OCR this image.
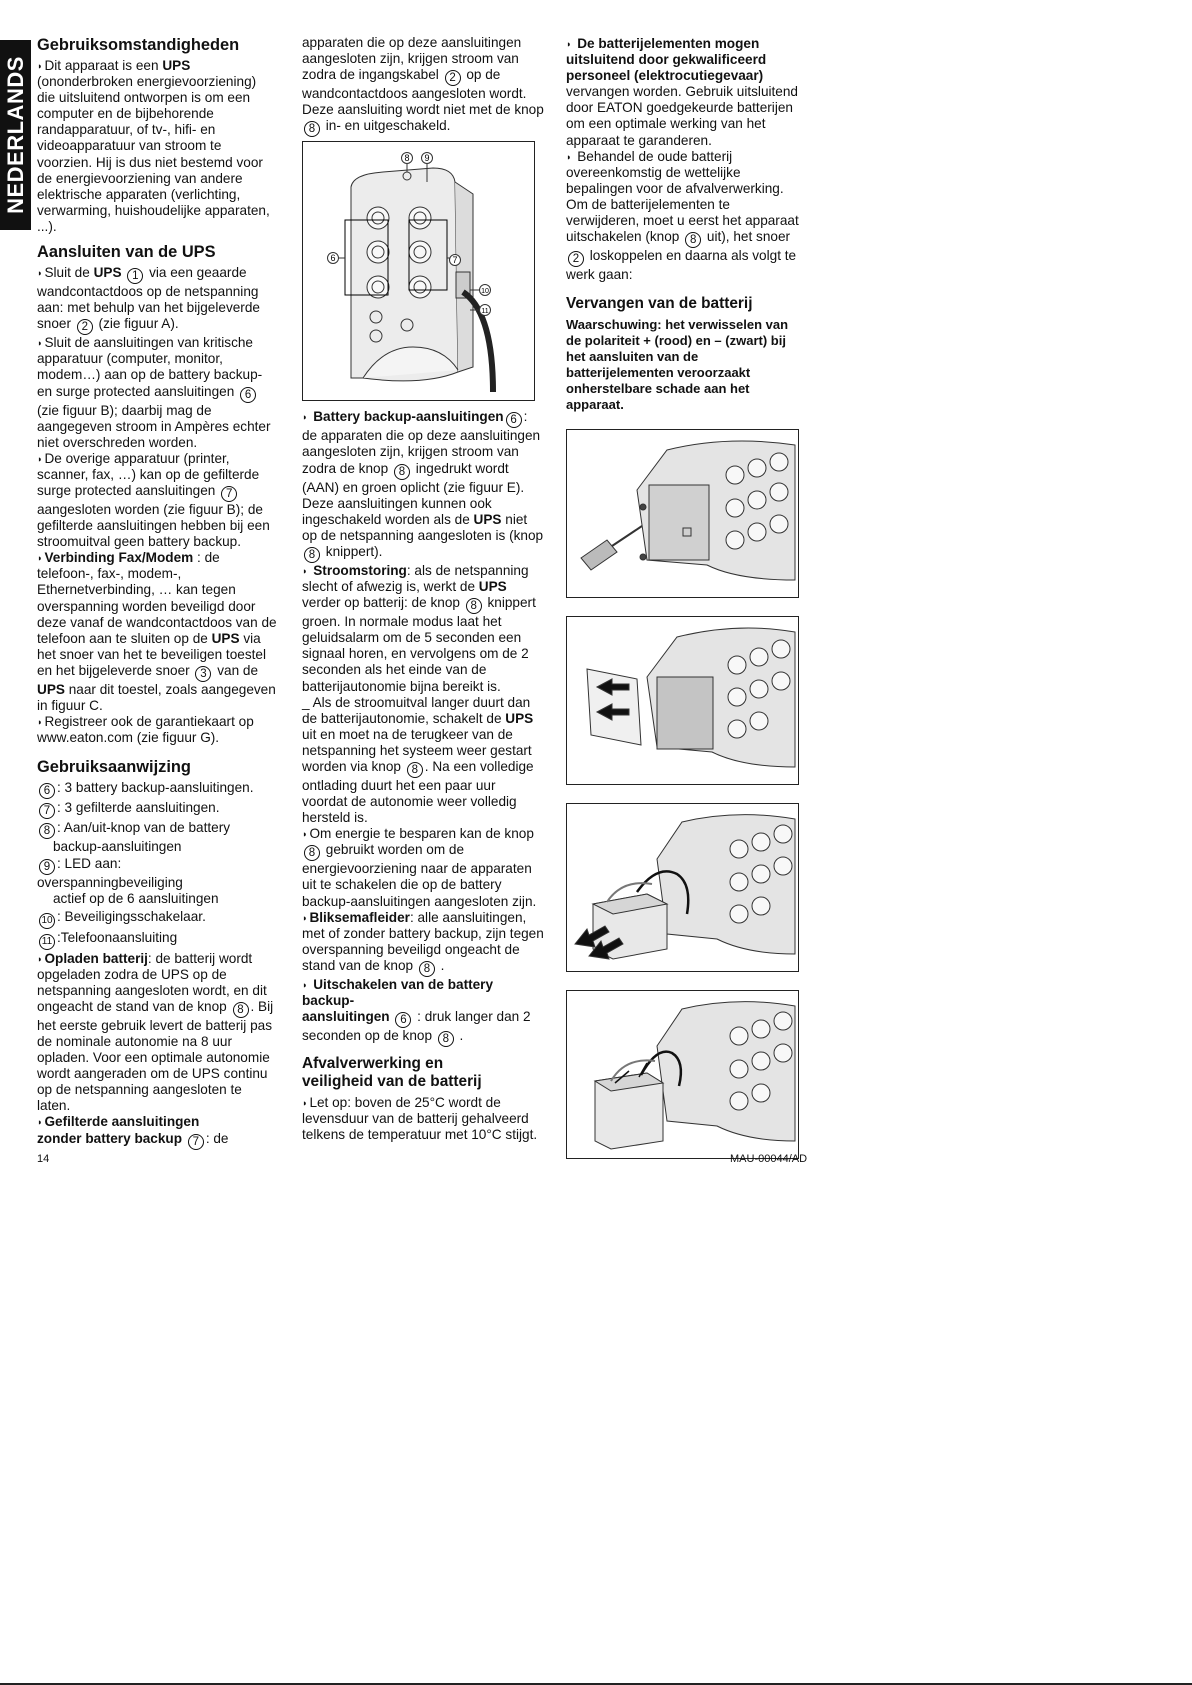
NEDERLANDS
Gebruiksomstandigheden

◗ Dit apparaat is een UPS (ononderbroken energievoorziening) die uitsluitend ontworpen is om een computer en de bijbehorende randapparatuur, of tv-, hifi- en videoapparatuur van stroom te voorzien. Hij is dus niet bestemd voor de energievoorziening van andere elektrische apparaten (verlichting, verwarming, huishoudelijke apparaten, ...).

Aansluiten van de UPS

◗ Sluit de UPS 1 via een geaarde wandcontactdoos op de netspanning aan: met behulp van het bijgeleverde snoer 2 (zie figuur A).

◗ Sluit de aansluitingen van kritische apparatuur (computer, monitor, modem…) aan op de battery backup- en surge protected aansluitingen 6 (zie figuur B); daarbij mag de aangegeven stroom in Ampères echter niet overschreden worden.

◗ De overige apparatuur (printer, scanner, fax, …) kan op de gefilterde surge protected aansluitingen 7 aangesloten worden (zie figuur B); de gefilterde aansluitingen hebben bij een stroomuitval geen battery backup.

◗ Verbinding Fax/Modem : de telefoon-, fax-, modem-, Ethernetverbinding, … kan tegen overspanning worden beveiligd door deze vanaf de wandcontactdoos van de telefoon aan te sluiten op de UPS via het snoer van het te beveiligen toestel en het bijgeleverde snoer 3 van de UPS naar dit toestel, zoals aangegeven in figuur C.

◗ Registreer ook de garantiekaart op www.eaton.com (zie figuur G).

Gebruiksaanwijzing

6 : 3 battery backup-aansluitingen.

7 : 3 gefilterde aansluitingen.

8 : Aan/uit-knop van de battery
backup-aansluitingen

9 : LED aan:
overspanningbeveiliging
actief op de 6 aansluitingen

10 : Beveiligingsschakelaar.

11 :Telefoonaansluiting

◗ Opladen batterij: de batterij wordt opgeladen zodra de UPS op de netspanning aangesloten wordt, en dit ongeacht de stand van de knop 8 . Bij het eerste gebruik levert de batterij pas de nominale autonomie na 8 uur opladen. Voor een optimale autonomie wordt aangeraden om de UPS continu op de netspanning aangesloten te laten.

◗ Gefilterde aansluitingen
zonder battery backup 7 : de

apparaten die op deze aansluitingen aangesloten zijn, krijgen stroom van zodra de ingangskabel 2 op de wandcontactdoos aangesloten wordt. Deze aansluiting wordt niet met de knop 8 in- en uitgeschakeld.

8 9
6	7
10
11

◗ Battery backup-aansluitingen 6 : de apparaten die op deze aansluitingen aangesloten zijn, krijgen stroom van zodra de knop 8 ingedrukt wordt (AAN) en groen oplicht (zie figuur E). Deze aansluitingen kunnen ook ingeschakeld worden als de UPS niet op de netspanning aangesloten is (knop 8 knippert).

◗ Stroomstoring: als de netspanning slecht of afwezig is, werkt de UPS verder op batterij: de knop 8 knippert groen. In normale modus laat het geluidsalarm om de 5 seconden een signaal horen, en vervolgens om de 2 seconden als het einde van de batterijautonomie bijna bereikt is.

_ Als de stroomuitval langer duurt dan de batterijautonomie, schakelt de UPS uit en moet na de terugkeer van de netspanning het systeem weer gestart worden via knop 8 . Na een volledige ontlading duurt het een paar uur voordat de autonomie weer volledig hersteld is.

◗ Om energie te besparen kan de knop 8 gebruikt worden om de energievoorziening naar de apparaten uit te schakelen die op de battery backup-aansluitingen aangesloten zijn.

◗ Bliksemafleider: alle aansluitingen, met of zonder battery backup, zijn tegen overspanning beveiligd ongeacht de stand van de knop 8 .

◗ Uitschakelen van de battery backup-
aansluitingen 6 : druk langer dan 2 seconden op de knop 8 .

Afvalverwerking en
veiligheid van de batterij

◗ Let op: boven de 25°C wordt de levensduur van de batterij gehalveerd telkens de temperatuur met 10°C stijgt.

◗ De batterijelementen mogen uitsluitend door gekwalificeerd personeel (elektrocutiegevaar) vervangen worden. Gebruik uitsluitend door EATON goedgekeurde batterijen om een optimale werking van het apparaat te garanderen.

◗ Behandel de oude batterij overeenkomstig de wettelijke bepalingen voor de afvalverwerking. Om de batterijelementen te verwijderen, moet u eerst het apparaat uitschakelen (knop 8 uit), het snoer
2 loskoppelen en daarna als volgt te werk gaan:

Vervangen van de batterij

Waarschuwing: het verwisselen van de polariteit + (rood) en – (zwart) bij het aansluiten van de batterijelementen veroorzaakt onherstelbare schade aan het apparaat.

14	MAU-00044/AD
